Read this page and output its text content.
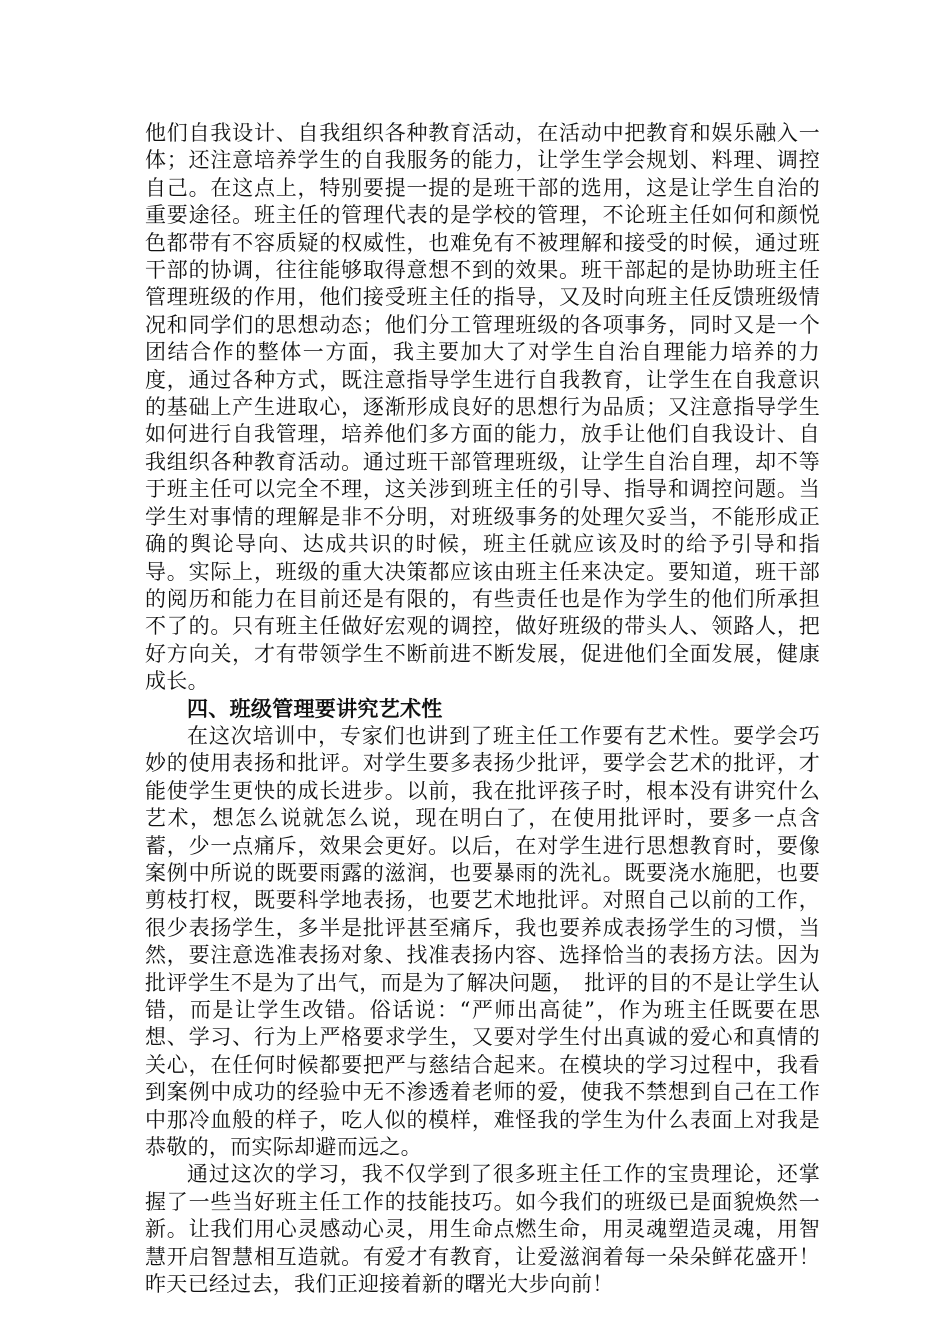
他们自我设计、自我组织各种教育活动，在活动中把教育和娱乐融入一体；还注意培养学生的自我服务的能力，让学生学会规划、料理、调控自己。在这点上，特别要提一提的是班干部的选用，这是让学生自治的重要途径。班主任的管理代表的是学校的管理，不论班主任如何和颜悦色都带有不容质疑的权威性，也难免有不被理解和接受的时候，通过班干部的协调，往往能够取得意想不到的效果。班干部起的是协助班主任管理班级的作用，他们接受班主任的指导，又及时向班主任反馈班级情况和同学们的思想动态；他们分工管理班级的各项事务，同时又是一个团结合作的整体一方面，我主要加大了对学生自治自理能力培养的力度，通过各种方式，既注意指导学生进行自我教育，让学生在自我意识的基础上产生进取心，逐渐形成良好的思想行为品质；又注意指导学生如何进行自我管理，培养他们多方面的能力，放手让他们自我设计、自我组织各种教育活动。通过班干部管理班级，让学生自治自理，却不等于班主任可以完全不理，这关涉到班主任的引导、指导和调控问题。当学生对事情的理解是非不分明，对班级事务的处理欠妥当，不能形成正确的舆论导向、达成共识的时候，班主任就应该及时的给予引导和指导。实际上，班级的重大决策都应该由班主任来决定。要知道，班干部的阅历和能力在目前还是有限的，有些责任也是作为学生的他们所承担不了的。只有班主任做好宏观的调控，做好班级的带头人、领路人，把好方向关，才有带领学生不断前进不断发展，促进他们全面发展，健康成长。

四、班级管理要讲究艺术性

在这次培训中，专家们也讲到了班主任工作要有艺术性。要学会巧妙的使用表扬和批评。对学生要多表扬少批评，要学会艺术的批评，才能使学生更快的成长进步。以前，我在批评孩子时，根本没有讲究什么艺术，想怎么说就怎么说，现在明白了，在使用批评时，要多一点含蓄，少一点痛斥，效果会更好。以后，在对学生进行思想教育时，要像案例中所说的既要雨露的滋润，也要暴雨的洗礼。既要浇水施肥，也要剪枝打杈，既要科学地表扬，也要艺术地批评。对照自己以前的工作，很少表扬学生，多半是批评甚至痛斥，我也要养成表扬学生的习惯，当然，要注意选准表扬对象、找准表扬内容、选择恰当的表扬方法。因为批评学生不是为了出气，而是为了解决问题，　批评的目的不是让学生认错，而是让学生改错。俗话说：“严师出高徒”，作为班主任既要在思想、学习、行为上严格要求学生，又要对学生付出真诚的爱心和真情的关心，在任何时候都要把严与慈结合起来。在模块的学习过程中，我看到案例中成功的经验中无不渗透着老师的爱，使我不禁想到自己在工作中那冷血般的样子，吃人似的模样，难怪我的学生为什么表面上对我是恭敬的，而实际却避而远之。

通过这次的学习，我不仅学到了很多班主任工作的宝贵理论，还掌握了一些当好班主任工作的技能技巧。如今我们的班级已是面貌焕然一新。让我们用心灵感动心灵，用生命点燃生命，用灵魂塑造灵魂，用智慧开启智慧相互造就。有爱才有教育，让爱滋润着每一朵朵鲜花盛开！昨天已经过去，我们正迎接着新的曙光大步向前！
